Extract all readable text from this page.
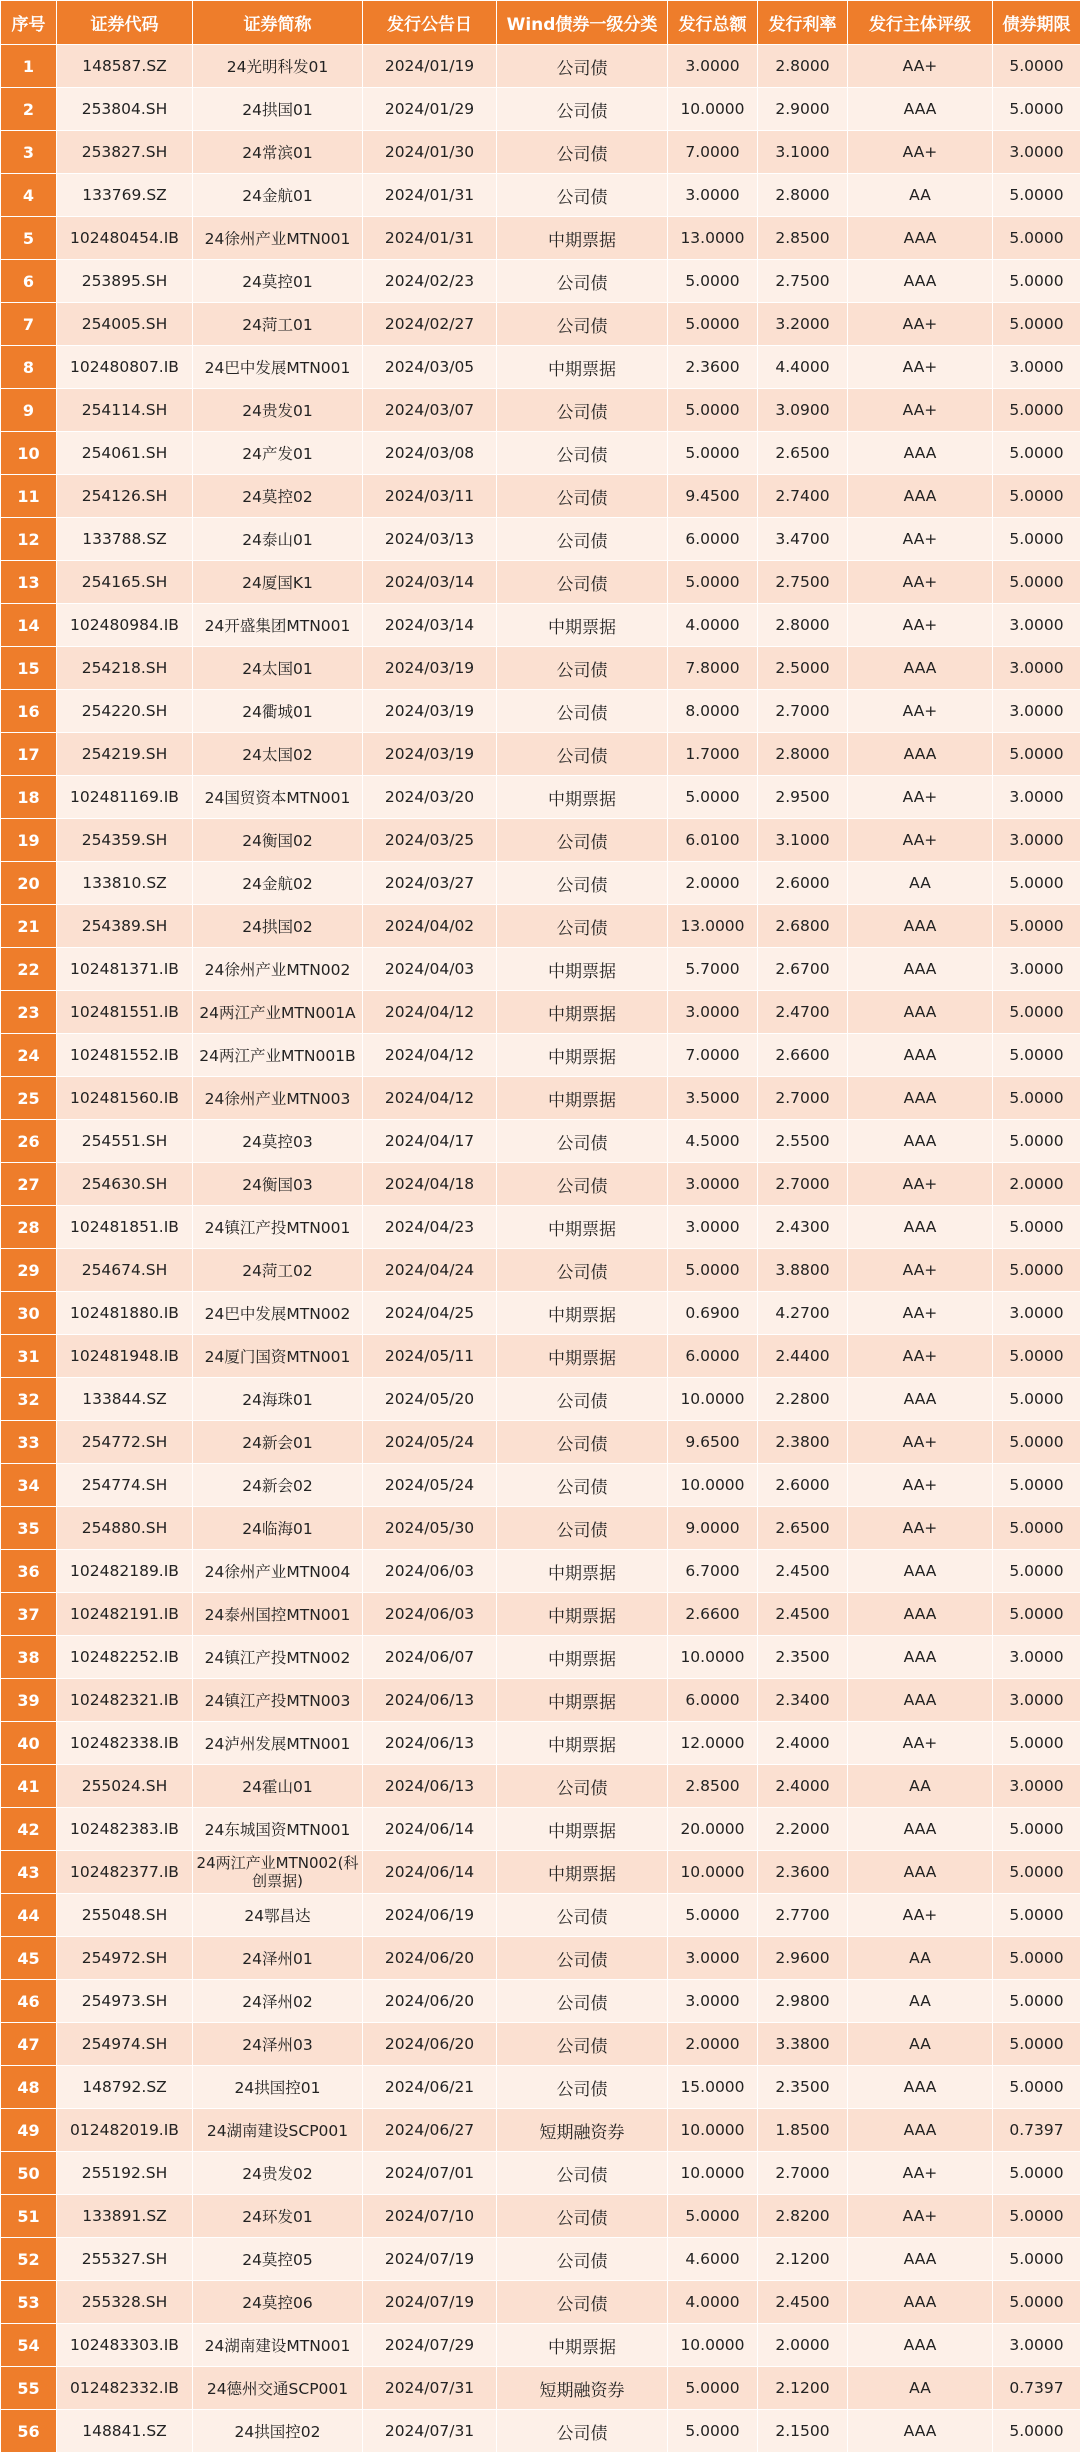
序号	证券代码	证券简称	发行公告日	Wind债券一级分类	发行总额	发行利率	发行主体评级	债券期限
1	148587.SZ	24光明科发01	2024/01/19	公司债	3.0000	2.8000	AA+	5.0000
2	253804.SH	24拱国01	2024/01/29	公司债	10.0000	2.9000	AAA	5.0000
3	253827.SH	24常滨01	2024/01/30	公司债	7.0000	3.1000	AA+	3.0000
4	133769.SZ	24金航01	2024/01/31	公司债	3.0000	2.8000	AA	5.0000
5	102480454.IB	24徐州产业MTN001	2024/01/31	中期票据	13.0000	2.8500	AAA	5.0000
6	253895.SH	24莫控01	2024/02/23	公司债	5.0000	2.7500	AAA	5.0000
7	254005.SH	24菏工01	2024/02/27	公司债	5.0000	3.2000	AA+	5.0000
8	102480807.IB	24巴中发展MTN001	2024/03/05	中期票据	2.3600	4.4000	AA+	3.0000
9	254114.SH	24贵发01	2024/03/07	公司债	5.0000	3.0900	AA+	5.0000
10	254061.SH	24产发01	2024/03/08	公司债	5.0000	2.6500	AAA	5.0000
11	254126.SH	24莫控02	2024/03/11	公司债	9.4500	2.7400	AAA	5.0000
12	133788.SZ	24泰山01	2024/03/13	公司债	6.0000	3.4700	AA+	5.0000
13	254165.SH	24厦国K1	2024/03/14	公司债	5.0000	2.7500	AA+	5.0000
14	102480984.IB	24开盛集团MTN001	2024/03/14	中期票据	4.0000	2.8000	AA+	3.0000
15	254218.SH	24太国01	2024/03/19	公司债	7.8000	2.5000	AAA	3.0000
16	254220.SH	24衢城01	2024/03/19	公司债	8.0000	2.7000	AA+	3.0000
17	254219.SH	24太国02	2024/03/19	公司债	1.7000	2.8000	AAA	5.0000
18	102481169.IB	24国贸资本MTN001	2024/03/20	中期票据	5.0000	2.9500	AA+	3.0000
19	254359.SH	24衡国02	2024/03/25	公司债	6.0100	3.1000	AA+	3.0000
20	133810.SZ	24金航02	2024/03/27	公司债	2.0000	2.6000	AA	5.0000
21	254389.SH	24拱国02	2024/04/02	公司债	13.0000	2.6800	AAA	5.0000
22	102481371.IB	24徐州产业MTN002	2024/04/03	中期票据	5.7000	2.6700	AAA	3.0000
23	102481551.IB	24两江产业MTN001A	2024/04/12	中期票据	3.0000	2.4700	AAA	5.0000
24	102481552.IB	24两江产业MTN001B	2024/04/12	中期票据	7.0000	2.6600	AAA	5.0000
25	102481560.IB	24徐州产业MTN003	2024/04/12	中期票据	3.5000	2.7000	AAA	5.0000
26	254551.SH	24莫控03	2024/04/17	公司债	4.5000	2.5500	AAA	5.0000
27	254630.SH	24衡国03	2024/04/18	公司债	3.0000	2.7000	AA+	2.0000
28	102481851.IB	24镇江产投MTN001	2024/04/23	中期票据	3.0000	2.4300	AAA	5.0000
29	254674.SH	24菏工02	2024/04/24	公司债	5.0000	3.8800	AA+	5.0000
30	102481880.IB	24巴中发展MTN002	2024/04/25	中期票据	0.6900	4.2700	AA+	3.0000
31	102481948.IB	24厦门国资MTN001	2024/05/11	中期票据	6.0000	2.4400	AA+	5.0000
32	133844.SZ	24海珠01	2024/05/20	公司债	10.0000	2.2800	AAA	5.0000
33	254772.SH	24新会01	2024/05/24	公司债	9.6500	2.3800	AA+	5.0000
34	254774.SH	24新会02	2024/05/24	公司债	10.0000	2.6000	AA+	5.0000
35	254880.SH	24临海01	2024/05/30	公司债	9.0000	2.6500	AA+	5.0000
36	102482189.IB	24徐州产业MTN004	2024/06/03	中期票据	6.7000	2.4500	AAA	5.0000
37	102482191.IB	24泰州国控MTN001	2024/06/03	中期票据	2.6600	2.4500	AAA	5.0000
38	102482252.IB	24镇江产投MTN002	2024/06/07	中期票据	10.0000	2.3500	AAA	3.0000
39	102482321.IB	24镇江产投MTN003	2024/06/13	中期票据	6.0000	2.3400	AAA	3.0000
40	102482338.IB	24泸州发展MTN001	2024/06/13	中期票据	12.0000	2.4000	AA+	5.0000
41	255024.SH	24霍山01	2024/06/13	公司债	2.8500	2.4000	AA	3.0000
42	102482383.IB	24东城国资MTN001	2024/06/14	中期票据	20.0000	2.2000	AAA	5.0000
43	102482377.IB	24两江产业MTN002(科创票据)	2024/06/14	中期票据	10.0000	2.3600	AAA	5.0000
44	255048.SH	24鄂昌达	2024/06/19	公司债	5.0000	2.7700	AA+	5.0000
45	254972.SH	24泽州01	2024/06/20	公司债	3.0000	2.9600	AA	5.0000
46	254973.SH	24泽州02	2024/06/20	公司债	3.0000	2.9800	AA	5.0000
47	254974.SH	24泽州03	2024/06/20	公司债	2.0000	3.3800	AA	5.0000
48	148792.SZ	24拱国控01	2024/06/21	公司债	15.0000	2.3500	AAA	5.0000
49	012482019.IB	24湖南建设SCP001	2024/06/27	短期融资券	10.0000	1.8500	AAA	0.7397
50	255192.SH	24贵发02	2024/07/01	公司债	10.0000	2.7000	AA+	5.0000
51	133891.SZ	24环发01	2024/07/10	公司债	5.0000	2.8200	AA+	5.0000
52	255327.SH	24莫控05	2024/07/19	公司债	4.6000	2.1200	AAA	5.0000
53	255328.SH	24莫控06	2024/07/19	公司债	4.0000	2.4500	AAA	5.0000
54	102483303.IB	24湖南建设MTN001	2024/07/29	中期票据	10.0000	2.0000	AAA	3.0000
55	012482332.IB	24德州交通SCP001	2024/07/31	短期融资券	5.0000	2.1200	AA	0.7397
56	148841.SZ	24拱国控02	2024/07/31	公司债	5.0000	2.1500	AAA	5.0000
